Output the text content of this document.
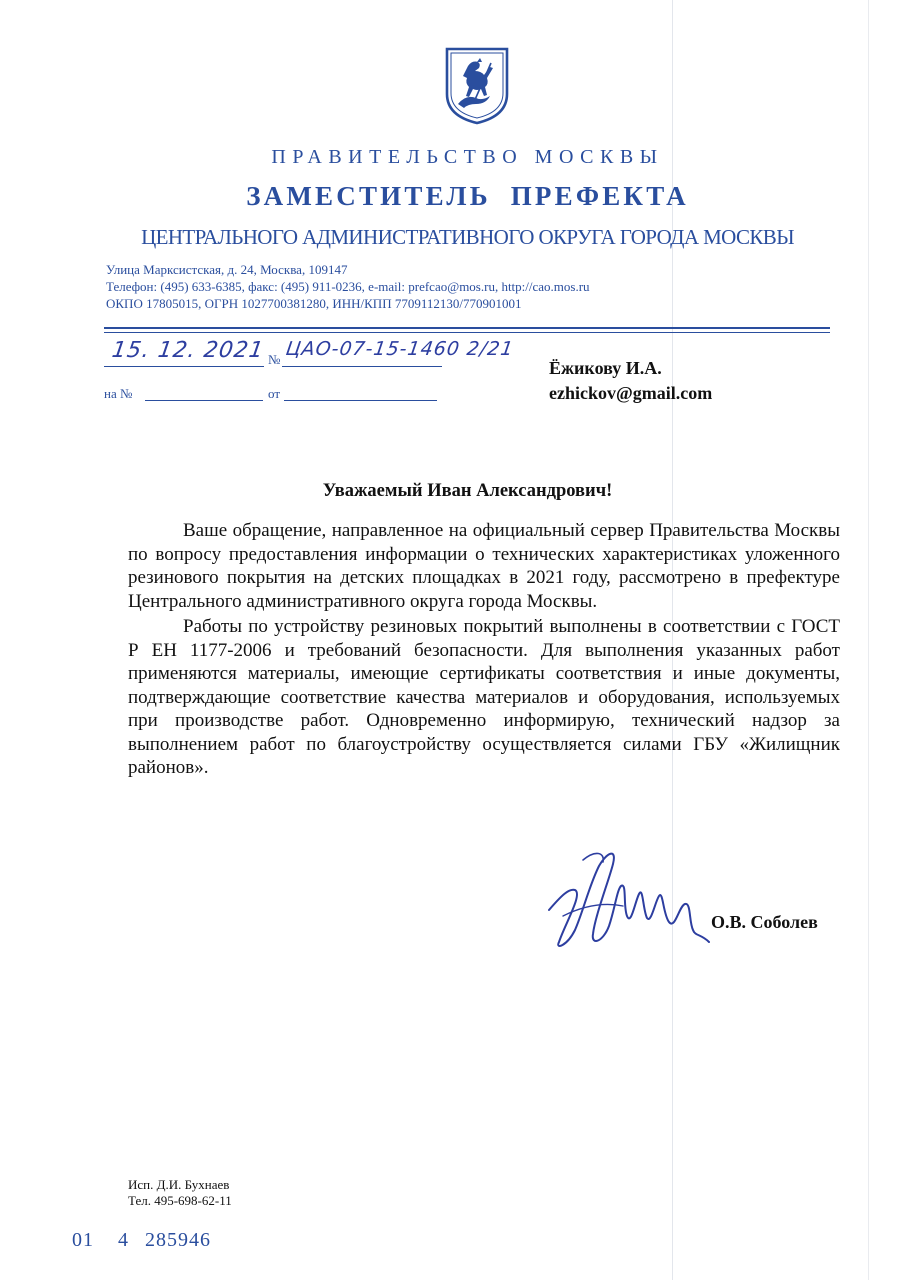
ПРАВИТЕЛЬСТВО МОСКВЫ
ЗАМЕСТИТЕЛЬ ПРЕФЕКТА
ЦЕНТРАЛЬНОГО АДМИНИСТРАТИВНОГО ОКРУГА ГОРОДА МОСКВЫ
Улица Марксистская, д. 24, Москва, 109147
Телефон: (495) 633-6385, факс: (495) 911-0236, e-mail: prefcao@mos.ru, http://cao.mos.ru
ОКПО 17805015, ОГРН 1027700381280, ИНН/КПП 7709112130/770901001
15. 12. 2021 № ЦАО-07-15-1460 2/21
на №	от
Ёжикову И.А.
ezhickov@gmail.com
Уважаемый Иван Александрович!

Ваше обращение, направленное на официальный сервер Правительства Москвы по вопросу предоставления информации о технических характеристиках уложенного резинового покрытия на детских площадках в 2021 году, рассмотрено в префектуре Центрального административного округа города Москвы.

Работы по устройству резиновых покрытий выполнены в соответствии с ГОСТ Р ЕН 1177-2006 и требований безопасности. Для выполнения указанных работ применяются материалы, имеющие сертификаты соответствия и иные документы, подтверждающие соответствие качества материалов и оборудования, используемых при производстве работ. Одновременно информирую, технический надзор за выполнением работ по благоустройству осуществляется силами ГБУ «Жилищник районов».

О.В. Соболев
Исп. Д.И. Бухнаев
Тел. 495-698-62-11
01 4 285946
